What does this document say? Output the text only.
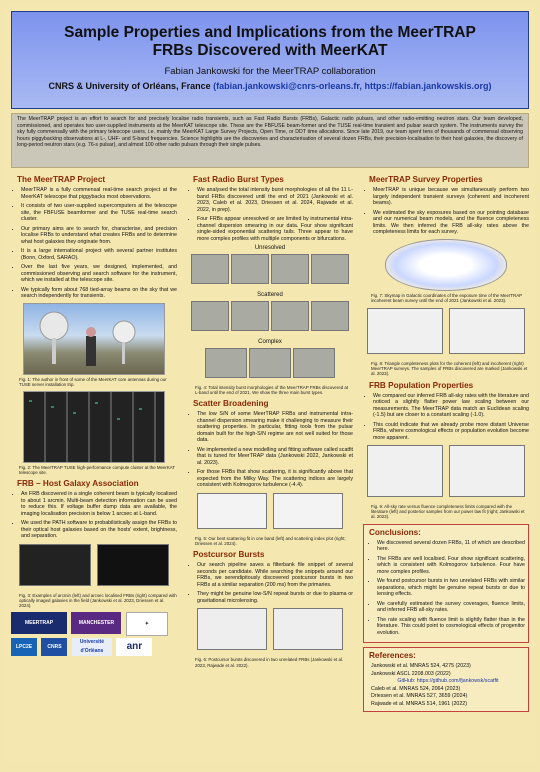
Sample Properties and Implications from the MeerTRAP
FRBs Discovered with MeerKAT
Fabian Jankowski for the MeerTRAP collaboration
CNRS & University of Orléans, France (fabian.jankowski@cnrs-orleans.fr, https://fabian.jankowskis.org)
The MeerTRAP project is an effort to search for and precisely localise radio transients, such as Fast Radio Bursts (FRBs), Galactic radio pulsars, and other radio-emitting neutron stars. Our team developed, commissioned, and operates two user-supplied instruments at the MeerKAT telescope site. These are the FBFUSE beam-former and the TUSE real-time transient and pulsar search system. The instruments survey the sky fully commensally with the primary telescope users, i.e. mainly the MeerKAT Large Survey Projects, Open Time, or DDT time allocations. Since late 2019, our team spent tens of thousands of commensal observing hours piggybacking observations at L-, UHF- and S-band frequencies. Science highlights are the discoveries and characterisation of several dozen FRBs, their precision-localisation to their host galaxies, the discovery of long-period neutron stars (e.g. 76-s pulsar), and almost 100 other radio pulsars through their single pulses.
The MeerTRAP Project
• MeerTRAP is a fully commensal real-time search project at the MeerKAT telescope that piggybacks most observations.
• It consists of two user-supplied supercomputers at the telescope site, the FBFUSE beamformer and the TUSE real-time search cluster.
• Our primary aims are to search for, characterise, and precision localise FRBs to understand what creates FRBs and to determine what host galaxies they originate from.
• It is a large international project with several partner institutes (Bonn, Oxford, SARAO).
• Over the last five years, we designed, implemented, and commissioned observing and search software for the instrument, which we installed at the telescope site.
• We typically form about 768 tied-array beams on the sky that we search independently for transients.
Fig. 1: The author in front of some of the MeerKAT core antennas during our TUSE server installation trip.
Fig. 2: The MeerTRAP TUSE high-performance compute cluster at the MeerKAT telescope site.
FRB – Host Galaxy Association
• An FRB discovered in a single coherent beam is typically localised to about 1 arcmin. Multi-beam detection information can be used to reduce this. If voltage buffer dump data are available, the imaging localisation precision is below 1 arcsec at L-band.
• We used the PATH software to probabilistically assign the FRBs to their optical host galaxies based on the hosts' extent, brightness, and separation.

Fig. 3: Examples of arcmin (left) and arcsec localised FRBs (right) compared with optically imaged galaxies in the field (Jankowski et al. 2023, Driessen et al. 2024).
MEERTRAP	MANCHESTER	✦
LPC2E	CNRS Université d'Orléans anr
Fast Radio Burst Types
• We analysed the total intensity burst morphologies of all the 11 L-band FRBs discovered until the end of 2021 (Jankowski et al. 2023, Caleb et al. 2023, Driessen et al. 2024, Rajwade et al. 2022, in prep).
• Four FRBs appear unresolved or are limited by instrumental intra-channel dispersion smearing in our data. Four show significant single-sided exponential scattering tails. Three appear to have more complex profiles with multiple components or bifurcations.
Unresolved
Scattered
Complex
Fig. 4: Total intensity burst morphologies of the MeerTRAP FRBs discovered at L-band until the end of 2021. We show the three main burst types.
Scatter Broadening
• The low S/N of some MeerTRAP FRBs and instrumental intra-channel dispersion smearing make it challenging to measure their scattering properties. In particular, fitting tools from the pulsar domain built for the high-S/N regime are not well suited for those data.
• We implemented a new modelling and fitting software called scatfit that is tuned for MeerTRAP data (Jankowski 2022, Jankowski et al. 2023).
• For those FRBs that show scattering, it is significantly above that expected from the Milky Way. The scattering indices are largely consistent with Kolmogorov turbulence (-4.4).

Fig. 5: Our best scattering fit in one band (left) and scattering index plot (right; Driessen et al. 2024).
Postcursor Bursts
• Our search pipeline saves a filterbank file snippet of several seconds per candidate. While searching the snippets around our FRBs, we serendipitously discovered postcursor bursts in two FRBs at a similar separation (200 ms) from the primaries.
• They might be genuine low-S/N repeat bursts or due to plasma or gravitational microlensing.

Fig. 6: Postcursor bursts discovered in two unrelated FRBs (Jankowski et al. 2023, Rajwade et al. 2022).
MeerTRAP Survey Properties
• MeerTRAP is unique because we simultaneously perform two largely independent transient surveys (coherent and incoherent beams).
• We estimated the sky exposures based on our pointing database and our numerical beam models, and the fluence completeness limits. We then inferred the FRB all-sky rates above the completeness limits for each survey.
Fig. 7: Skymap in Galactic coordinates of the exposure time of the MeerTRAP incoherent beam survey until the end of 2021 (Jankowski et al. 2023).

Fig. 8: Triangle completeness plots for the coherent (left) and incoherent (right) MeerTRAP surveys. The samples of FRBs discovered are marked (Jankowski et al. 2023).
FRB Population Properties
• We compared our inferred FRB all-sky rates with the literature and noticed a slightly flatter power law scaling between our measurements. The MeerTRAP data match an Euclidean scaling (-1.5) but are closer to a constant scaling (-1.0).
• This could indicate that we already probe more distant Universe FRBs, where cosmological effects or population evolution become more apparent.

Fig. 9: All-sky rate versus fluence completeness limits compared with the literature (left) and posterior samples from our power law fit (right; Jankowski et al. 2023).
Conclusions:
• We discovered several dozen FRBs, 11 of which are described here.
• The FRBs are well localised. Four show significant scattering, which is consistent with Kolmogorov turbulence. Four have more complex profiles.
• We found postcursor bursts in two unrelated FRBs with similar separations, which might be genuine repeat bursts or due to lensing effects.
• We carefully estimated the survey coverages, fluence limits, and inferred FRB all-sky rates.
• The rate scaling with fluence limit is slightly flatter than in the literature. This could point to cosmological effects of progenitor evolution.
References:
Jankowski et al. MNRAS 524, 4275 (2023)
Jankowski ASCL 2208.003 (2022)
GitHub: https://github.com/fjankowsk/scatfit
Caleb et al. MNRAS 524, 2064 (2023)
Driessen et al. MNRAS 527, 3659 (2024)
Rajwade et al. MNRAS 514, 1961 (2022)
